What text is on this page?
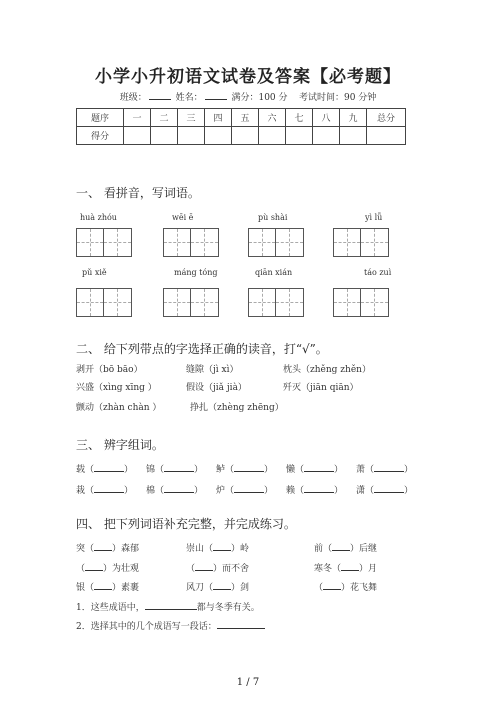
小学小升初语文试卷及答案【必考题】
班级：	姓名：	满分：100 分 考试时间：90 分钟
题序	一	二	三	四	五	六	七	八	九	总分
得分										
一、 看拼音，写词语。
huà zhóu	wēi ē	pù shài	yì lǚ
pǔ xiě	máng tóng	qiān xián	táo zuì
二、 给下列带点的字选择正确的读音，打“√”。
剥开（bō bāo）	缝隙（jì xì）	枕头（zhěng zhěn）
兴盛（xìng xīng ）	假设（jiǎ jià）	歼灭（jiān qiān）
颤动（zhàn chàn ）	挣扎（zhèng zhēng）
三、 辨字组词。
载（	） 锦（	） 鲈（	） 懒（	） 萧（	）
栽（	） 棉（	） 炉（	） 赖（	） 潇（	）
四、 把下列词语补充完整，并完成练习。
突（ ）森郁	崇山（ ）岭	前（ ）后继
（ ）为壮观	（ ）而不舍	寒冬（ ）月
银（ ）素裹	风刀（ ）剑	（ ）花飞舞
1．这些成语中，	都与冬季有关。
2．选择其中的几个成语写一段话：
1 / 7
